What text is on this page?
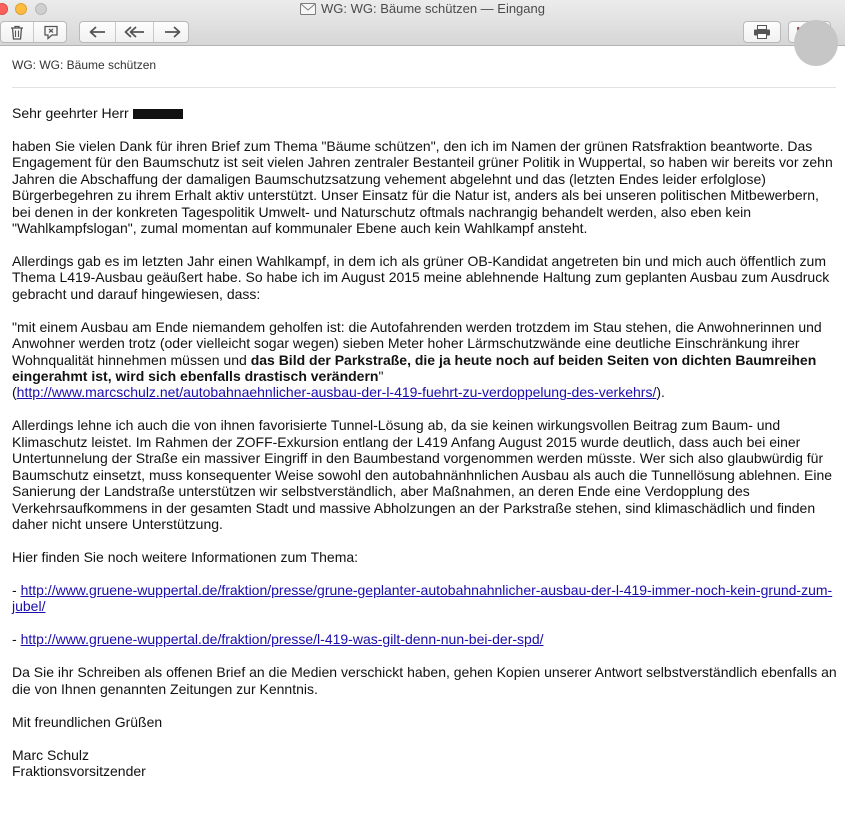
WG: WG: Bäume schützen — Eingang
WG: WG: Bäume schützen

Sehr geehrter Herr

haben Sie vielen Dank für ihren Brief zum Thema "Bäume schützen", den ich im Namen der grünen Ratsfraktion beantworte. Das Engagement für den Baumschutz ist seit vielen Jahren zentraler Bestanteil grüner Politik in Wuppertal, so haben wir bereits vor zehn Jahren die Abschaffung der damaligen Baumschutzsatzung vehement abgelehnt und das (letzten Endes leider erfolglose) Bürgerbegehren zu ihrem Erhalt aktiv unterstützt. Unser Einsatz für die Natur ist, anders als bei unseren politischen Mitbewerbern, bei denen in der konkreten Tagespolitik Umwelt- und Naturschutz oftmals nachrangig behandelt werden, also eben kein "Wahlkampfslogan", zumal momentan auf kommunaler Ebene auch kein Wahlkampf ansteht.

Allerdings gab es im letzten Jahr einen Wahlkampf, in dem ich als grüner OB-Kandidat angetreten bin und mich auch öffentlich zum Thema L419-Ausbau geäußert habe. So habe ich im August 2015 meine ablehnende Haltung zum geplanten Ausbau zum Ausdruck gebracht und darauf hingewiesen, dass:

"mit einem Ausbau am Ende niemandem geholfen ist: die Autofahrenden werden trotzdem im Stau stehen, die Anwohnerinnen und Anwohner werden trotz (oder vielleicht sogar wegen) sieben Meter hoher Lärmschutzwände eine deutliche Einschränkung ihrer Wohnqualität hinnehmen müssen und das Bild der Parkstraße, die ja heute noch auf beiden Seiten von dichten Baumreihen eingerahmt ist, wird sich ebenfalls drastisch verändern"
(http://www.marcschulz.net/autobahnaehnlicher-ausbau-der-l-419-fuehrt-zu-verdoppelung-des-verkehrs/).

Allerdings lehne ich auch die von ihnen favorisierte Tunnel-Lösung ab, da sie keinen wirkungsvollen Beitrag zum Baum- und Klimaschutz leistet. Im Rahmen der ZOFF-Exkursion entlang der L419 Anfang August 2015 wurde deutlich, dass auch bei einer Untertunnelung der Straße ein massiver Eingriff in den Baumbestand vorgenommen werden müsste. Wer sich also glaubwürdig für Baumschutz einsetzt, muss konsequenter Weise sowohl den autobahnänhnlichen Ausbau als auch die Tunnellösung ablehnen. Eine Sanierung der Landstraße unterstützen wir selbstverständlich, aber Maßnahmen, an deren Ende eine Verdopplung des Verkehrsaufkommens in der gesamten Stadt und massive Abholzungen an der Parkstraße stehen, sind klimaschädlich und finden daher nicht unsere Unterstützung.

Hier finden Sie noch weitere Informationen zum Thema:

- http://www.gruene-wuppertal.de/fraktion/presse/grune-geplanter-autobahnahnlicher-ausbau-der-l-419-immer-noch-kein-grund-zum-jubel/

- http://www.gruene-wuppertal.de/fraktion/presse/l-419-was-gilt-denn-nun-bei-der-spd/

Da Sie ihr Schreiben als offenen Brief an die Medien verschickt haben, gehen Kopien unserer Antwort selbstverständlich ebenfalls an die von Ihnen genannten Zeitungen zur Kenntnis.

Mit freundlichen Grüßen

Marc Schulz
Fraktionsvorsitzender
